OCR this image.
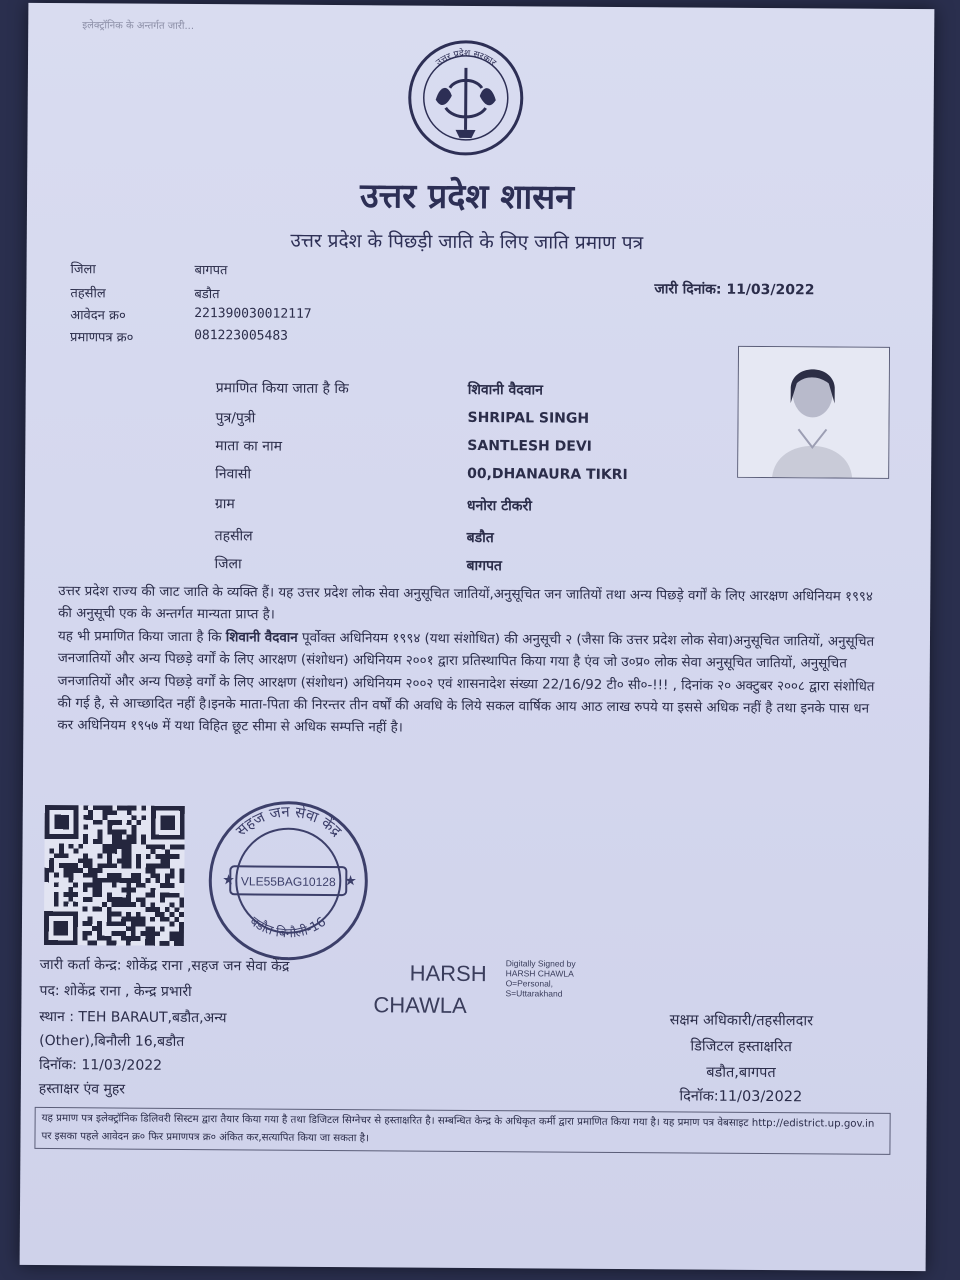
इलेक्ट्रॉनिक के अन्तर्गत जारी...
उत्तर प्रदेश सरकार
उत्तर प्रदेश शासन
उत्तर प्रदेश के पिछड़ी जाति के लिए जाति प्रमाण पत्र
जिला	बागपत
तहसील	बडौत
आवेदन क्र०	221390030012117
प्रमाणपत्र क्र०	081223005483
जारी दिनांक: 11/03/2022
प्रमाणित किया जाता है कि	शिवानी वैदवान
पुत्र/पुत्री	SHRIPAL SINGH
माता का नाम	SANTLESH DEVI
निवासी	00,DHANAURA TIKRI
ग्राम	धनोरा टीकरी
तहसील	बडौत
जिला	बागपत

उत्तर प्रदेश राज्य की जाट जाति के व्यक्ति हैं। यह उत्तर प्रदेश लोक सेवा अनुसूचित जातियों,अनुसूचित जन जातियों तथा अन्य पिछड़े वर्गों के लिए आरक्षण अधिनियम १९९४ की अनुसूची एक के अन्तर्गत मान्यता प्राप्त है।

यह भी प्रमाणित किया जाता है कि शिवानी वैदवान पूर्वोक्त अधिनियम १९९४ (यथा संशोधित) की अनुसूची २ (जैसा कि उत्तर प्रदेश लोक सेवा)अनुसूचित जातियों, अनुसूचित जनजातियों और अन्य पिछड़े वर्गों के लिए आरक्षण (संशोधन) अधिनियम २००१ द्वारा प्रतिस्थापित किया गया है एंव जो उ०प्र० लोक सेवा अनुसूचित जातियों, अनुसूचित जनजातियों और अन्य पिछड़े वर्गों के लिए आरक्षण (संशोधन) अधिनियम २००२ एवं शासनादेश संख्या 22/16/92 टी० सी०-!!! , दिनांक २० अक्टुबर २००८ द्वारा संशोधित की गई है, से आच्छादित नहीं है।इनके माता-पिता की निरन्तर तीन वर्षों की अवधि के लिये सकल वार्षिक आय आठ लाख रुपये या इससे अधिक नहीं है तथा इनके पास धन कर अधिनियम १९५७ में यथा विहित छूट सीमा से अधिक सम्पत्ति नहीं है।

सहज जन सेवा केंद्र
बडौत बिनौली-16
VLE55BAG10128
★	★
जारी कर्ता केन्द्र: शोकेंद्र राना ,सहज जन सेवा केंद्र
पद: शोकेंद्र राना , केन्द्र प्रभारी
स्थान : TEH BARAUT,बडौत,अन्य
(Other),बिनौली 16,बडौत
दिनॉक: 11/03/2022
हस्ताक्षर एंव मुहर
HARSH
CHAWLA
Digitally Signed by
HARSH CHAWLA
O=Personal,
S=Uttarakhand
सक्षम अधिकारी/तहसीलदार
डिजिटल हस्ताक्षरित
बडौत,बागपत
दिनॉक:11/03/2022
यह प्रमाण पत्र इलेक्ट्रॉनिक डिलिवरी सिस्टम द्वारा तैयार किया गया है तथा डिजिटल सिग्नेचर से हस्ताक्षरित है। सम्बन्धित केन्द्र के अधिकृत कर्मी द्वारा प्रमाणित किया गया है। यह प्रमाण पत्र वेबसाइट http://edistrict.up.gov.in पर इसका पहले आवेदन क्र० फिर प्रमाणपत्र क्र० अंकित कर,सत्यापित किया जा सकता है।
